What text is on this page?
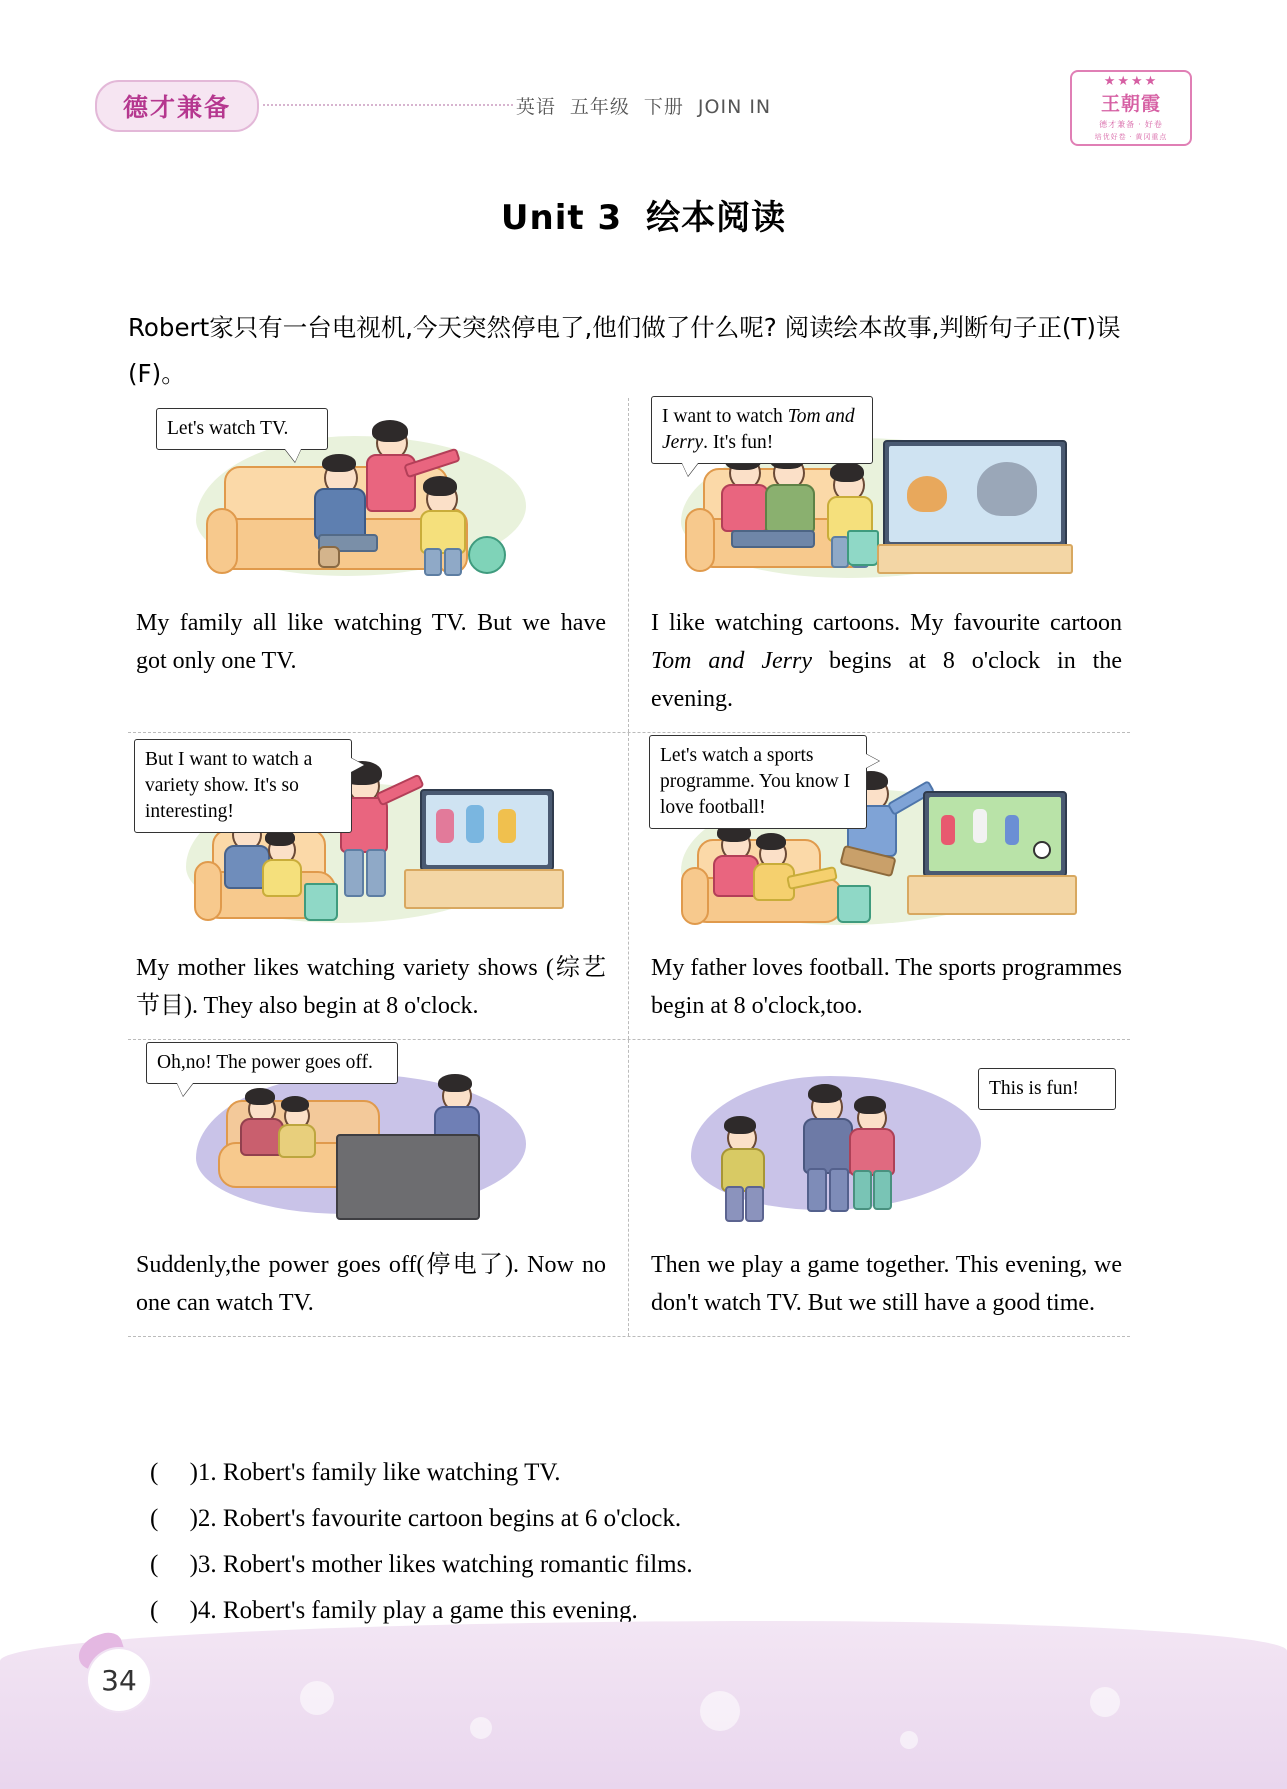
德才兼备	英语 五年级 下册 JOIN IN
★★★★
王朝霞
德才兼备 · 好卷
培优好卷 · 黄冈重点
Unit 3 绘本阅读
Robert家只有一台电视机,今天突然停电了,他们做了什么呢? 阅读绘本故事,判断句子正(T)误(F)。
Let's watch TV.
My family all like watching TV. But we have got only one TV.
I want to watch Tom and Jerry. It's fun!
I like watching cartoons. My favourite cartoon Tom and Jerry begins at 8 o'clock in the evening.
But I want to watch a variety show. It's so interesting!
My mother likes watching variety shows (综艺节目). They also begin at 8 o'clock.
Let's watch a sports programme. You know I love football!
My father loves football. The sports programmes begin at 8 o'clock,too.
Oh,no! The power goes off.
Suddenly,the power goes off(停电了). Now no one can watch TV.
This is fun!
Then we play a game together. This evening, we don't watch TV. But we still have a good time.
(     )1. Robert's family like watching TV.
(     )2. Robert's favourite cartoon begins at 6 o'clock.
(     )3. Robert's mother likes watching romantic films.
(     )4. Robert's family play a game this evening.
34
